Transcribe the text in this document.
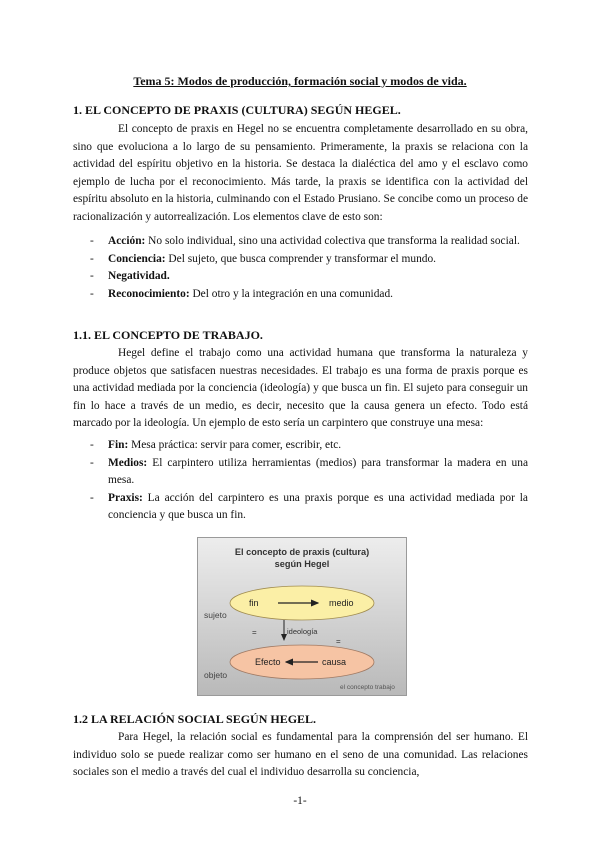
Tema 5: Modos de producción, formación social y modos de vida.
1. EL CONCEPTO DE PRAXIS (CULTURA) SEGÚN HEGEL.

El concepto de praxis en Hegel no se encuentra completamente desarrollado en su obra, sino que evoluciona a lo largo de su pensamiento. Primeramente, la praxis se relaciona con la actividad del espíritu objetivo en la historia. Se destaca la dialéctica del amo y el esclavo como ejemplo de lucha por el reconocimiento. Más tarde, la praxis se identifica con la actividad del espíritu absoluto en la historia, culminando con el Estado Prusiano. Se concibe como un proceso de racionalización y autorrealización. Los elementos clave de esto son:

- Acción: No solo individual, sino una actividad colectiva que transforma la realidad social.
- Conciencia: Del sujeto, que busca comprender y transformar el mundo.
- Negatividad.
- Reconocimiento: Del otro y la integración en una comunidad.
1.1. EL CONCEPTO DE TRABAJO.

Hegel define el trabajo como una actividad humana que transforma la naturaleza y produce objetos que satisfacen nuestras necesidades. El trabajo es una forma de praxis porque es una actividad mediada por la conciencia (ideología) y que busca un fin. El sujeto para conseguir un fin lo hace a través de un medio, es decir, necesito que la causa genera un efecto. Todo está marcado por la ideología. Un ejemplo de esto sería un carpintero que construye una mesa:

- Fin: Mesa práctica: servir para comer, escribir, etc.
- Medios: El carpintero utiliza herramientas (medios) para transformar la madera en una mesa.
- Praxis: La acción del carpintero es una praxis porque es una actividad mediada por la conciencia y que busca un fin.

El concepto de praxis (cultura)
según Hegel

fin	medio
sujeto
=	ideología
=
Efecto	causa
objeto
el concepto trabajo
1.2 LA RELACIÓN SOCIAL SEGÚN HEGEL.

Para Hegel, la relación social es fundamental para la comprensión del ser humano. El individuo solo se puede realizar como ser humano en el seno de una comunidad. Las relaciones sociales son el medio a través del cual el individuo desarrolla su conciencia,

-1-
